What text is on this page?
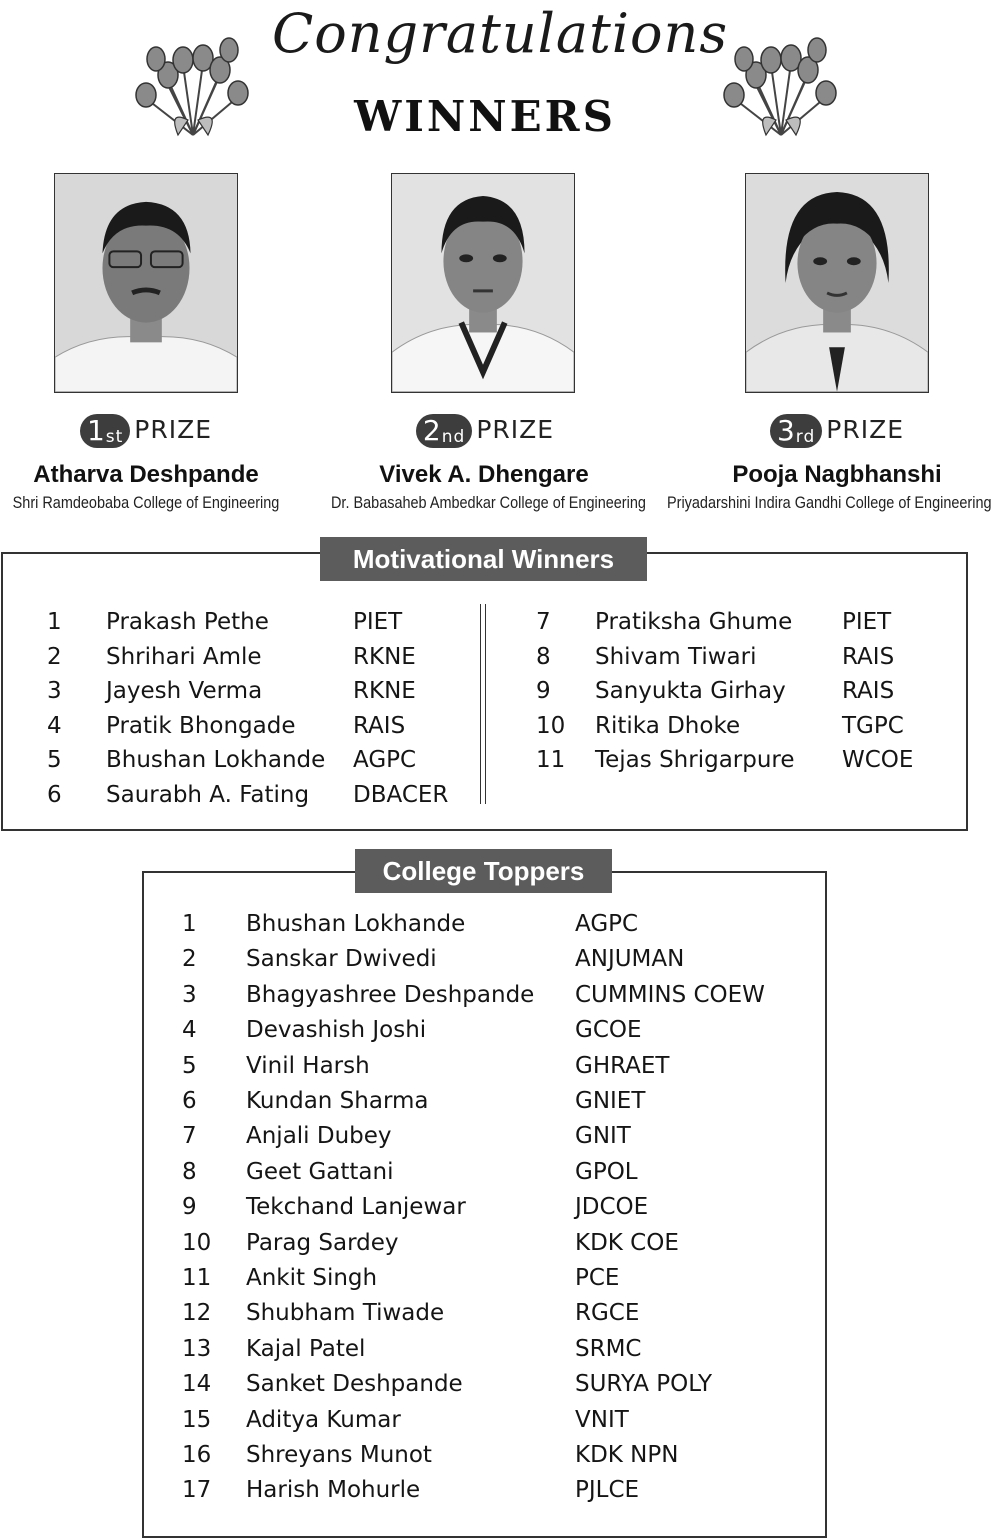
Congratulations
WINNERS
$1_{st}$ PRIZE	$2_{nd}$ PRIZE	$3_{rd}$ PRIZE
Atharva Deshpande	Vivek A. Dhengare	Pooja Nagbhanshi
Shri Ramdeobaba College of Engineering	Dr. Babasaheb Ambedkar College of Engineering Priyadarshini Indira Gandhi College of Engineering
Motivational Winners
1 Prakash Pethe	PIET
2 Shrihari Amle	RKNE
3 Jayesh Verma	RKNE
4 Pratik Bhongade RAIS
5 Bhushan Lokhande AGPC
6 Saurabh A. Fating DBACER
7 Pratiksha Ghume PIET
8 Shivam Tiwari	RAIS
9 Sanyukta Girhay RAIS
10 Ritika Dhoke	TGPC
11 Tejas Shrigarpure WCOE
College Toppers
1 Bhushan Lokhande	AGPC
2 Sanskar Dwivedi	ANJUMAN
3 Bhagyashree Deshpande CUMMINS COEW
4 Devashish Joshi	GCOE
5 Vinil Harsh	GHRAET
6 Kundan Sharma	GNIET
7 Anjali Dubey	GNIT
8 Geet Gattani	GPOL
9 Tekchand Lanjewar	JDCOE
10 Parag Sardey	KDK COE
11 Ankit Singh	PCE
12 Shubham Tiwade	RGCE
13 Kajal Patel	SRMC
14 Sanket Deshpande	SURYA POLY
15 Aditya Kumar	VNIT
16 Shreyans Munot	KDK NPN
17 Harish Mohurle	PJLCE
